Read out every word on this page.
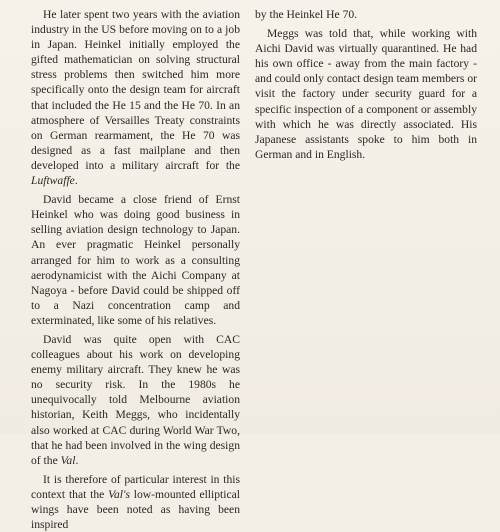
He later spent two years with the aviation industry in the US before moving on to a job in Japan. Heinkel initially employed the gifted mathematician on solving structural stress problems then switched him more specifically onto the design team for aircraft that included the He 15 and the He 70. In an atmosphere of Versailles Treaty constraints on German rearmament, the He 70 was designed as a fast mailplane and then developed into a military aircraft for the Luftwaffe.

David became a close friend of Ernst Heinkel who was doing good business in selling aviation design technology to Japan. An ever pragmatic Heinkel personally arranged for him to work as a consulting aerodynamicist with the Aichi Company at Nagoya - before David could be shipped off to a Nazi concentration camp and exterminated, like some of his relatives.

David was quite open with CAC colleagues about his work on developing enemy military aircraft. They knew he was no security risk. In the 1980s he unequivocally told Melbourne aviation historian, Keith Meggs, who incidentally also worked at CAC during World War Two, that he had been involved in the wing design of the Val.

It is therefore of particular interest in this context that the Val's low-mounted elliptical wings have been noted as having been inspired

by the Heinkel He 70.

Meggs was told that, while working with Aichi David was virtually quarantined. He had his own office - away from the main factory - and could only contact design team members or visit the factory under security guard for a specific inspection of a component or assembly with which he was directly associated. His Japanese assistants spoke to him both in German and in English.
